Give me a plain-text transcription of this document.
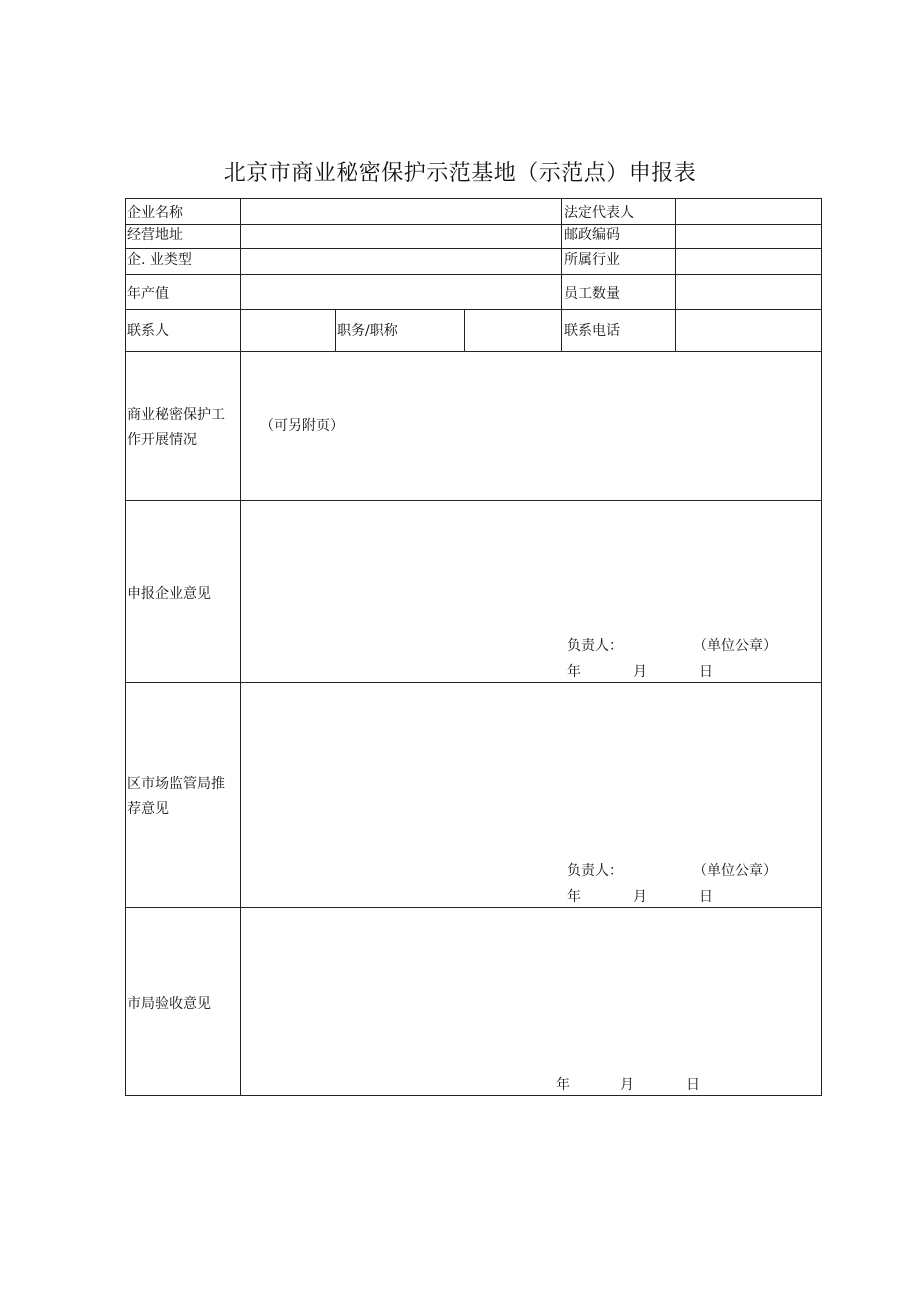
北京市商业秘密保护示范基地（示范点）申报表
企业名称	法定代表人
经营地址	邮政编码
企. 业类型	所属行业
年产值	员工数量
联系人	职务/职称	联系电话
商业秘密保护工作开展情况
（可另附页）
申报企业意见
负责人：	（单位公章）
年	月	日
区市场监管局推荐意见
负责人：	（单位公章）
年	月	日
市局验收意见
年	月	日
